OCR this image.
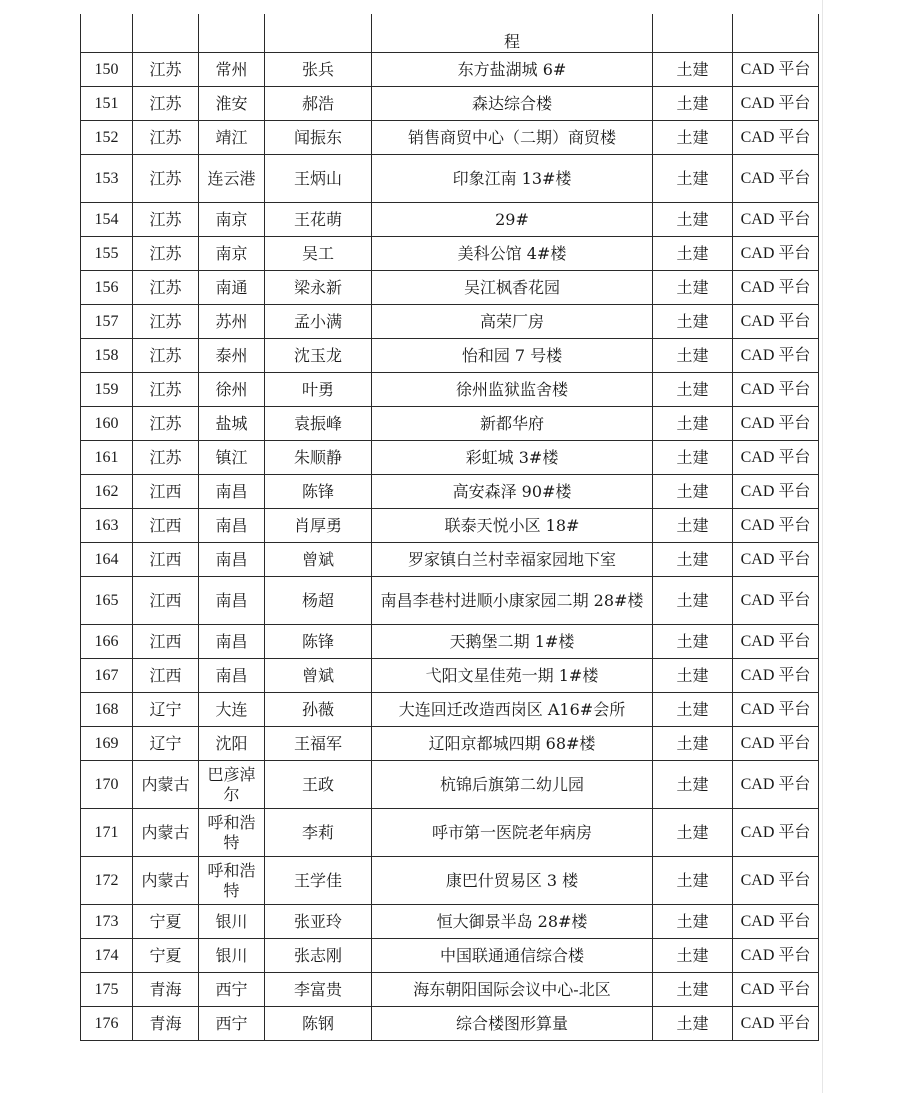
				程		
150	江苏	常州	张兵	东方盐湖城 6#	土建	CAD 平台
151	江苏	淮安	郝浩	森达综合楼	土建	CAD 平台
152	江苏	靖江	闻振东	销售商贸中心（二期）商贸楼	土建	CAD 平台
153	江苏	连云港	王炳山	印象江南 13#楼	土建	CAD 平台
154	江苏	南京	王花萌	29#	土建	CAD 平台
155	江苏	南京	吴工	美科公馆 4#楼	土建	CAD 平台
156	江苏	南通	梁永新	吴江枫香花园	土建	CAD 平台
157	江苏	苏州	孟小满	高荣厂房	土建	CAD 平台
158	江苏	泰州	沈玉龙	怡和园 7 号楼	土建	CAD 平台
159	江苏	徐州	叶勇	徐州监狱监舍楼	土建	CAD 平台
160	江苏	盐城	袁振峰	新都华府	土建	CAD 平台
161	江苏	镇江	朱顺静	彩虹城 3#楼	土建	CAD 平台
162	江西	南昌	陈锋	高安森泽 90#楼	土建	CAD 平台
163	江西	南昌	肖厚勇	联泰天悦小区 18#	土建	CAD 平台
164	江西	南昌	曾斌	罗家镇白兰村幸福家园地下室	土建	CAD 平台
165	江西	南昌	杨超	南昌李巷村进顺小康家园二期 28#楼	土建	CAD 平台
166	江西	南昌	陈锋	天鹅堡二期 1#楼	土建	CAD 平台
167	江西	南昌	曾斌	弋阳文星佳苑一期 1#楼	土建	CAD 平台
168	辽宁	大连	孙薇	大连回迁改造西岗区 A16#会所	土建	CAD 平台
169	辽宁	沈阳	王福军	辽阳京都城四期 68#楼	土建	CAD 平台
170	内蒙古	巴彦淖尔	王政	杭锦后旗第二幼儿园	土建	CAD 平台
171	内蒙古	呼和浩特	李莉	呼市第一医院老年病房	土建	CAD 平台
172	内蒙古	呼和浩特	王学佳	康巴什贸易区 3 楼	土建	CAD 平台
173	宁夏	银川	张亚玲	恒大御景半岛 28#楼	土建	CAD 平台
174	宁夏	银川	张志刚	中国联通通信综合楼	土建	CAD 平台
175	青海	西宁	李富贵	海东朝阳国际会议中心-北区	土建	CAD 平台
176	青海	西宁	陈钢	综合楼图形算量	土建	CAD 平台
